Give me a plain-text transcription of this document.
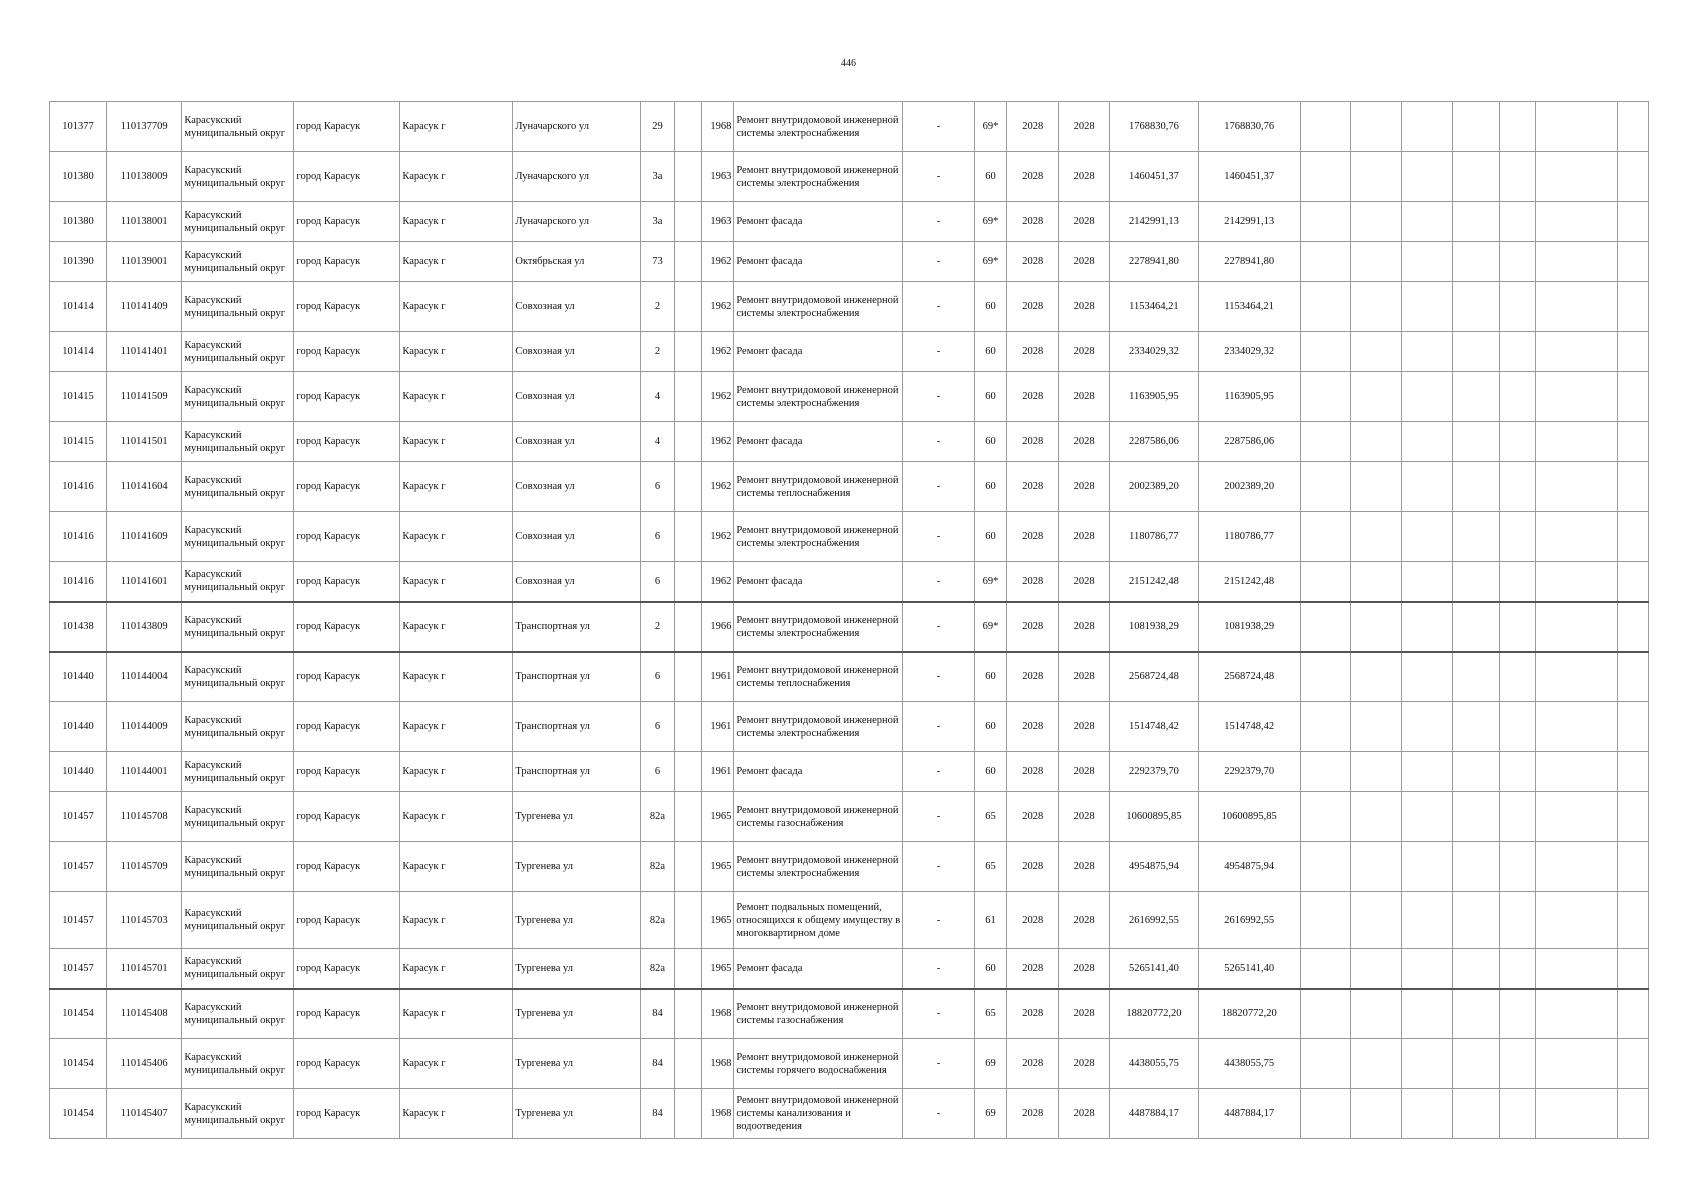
446
101377	110137709	Карасукский муниципальный округ	город Карасук	Карасук г	Луначарского ул	29		1968	Ремонт внутридомовой инженерной системы электроснабжения	-	69*	2028	2028	1768830,76	1768830,76							
101380	110138009	Карасукский муниципальный округ	город Карасук	Карасук г	Луначарского ул	3а		1963	Ремонт внутридомовой инженерной системы электроснабжения	-	60	2028	2028	1460451,37	1460451,37							
101380	110138001	Карасукский муниципальный округ	город Карасук	Карасук г	Луначарского ул	3а		1963	Ремонт фасада	-	69*	2028	2028	2142991,13	2142991,13							
101390	110139001	Карасукский муниципальный округ	город Карасук	Карасук г	Октябрьская ул	73		1962	Ремонт фасада	-	69*	2028	2028	2278941,80	2278941,80							
101414	110141409	Карасукский муниципальный округ	город Карасук	Карасук г	Совхозная ул	2		1962	Ремонт внутридомовой инженерной системы электроснабжения	-	60	2028	2028	1153464,21	1153464,21							
101414	110141401	Карасукский муниципальный округ	город Карасук	Карасук г	Совхозная ул	2		1962	Ремонт фасада	-	60	2028	2028	2334029,32	2334029,32							
101415	110141509	Карасукский муниципальный округ	город Карасук	Карасук г	Совхозная ул	4		1962	Ремонт внутридомовой инженерной системы электроснабжения	-	60	2028	2028	1163905,95	1163905,95							
101415	110141501	Карасукский муниципальный округ	город Карасук	Карасук г	Совхозная ул	4		1962	Ремонт фасада	-	60	2028	2028	2287586,06	2287586,06							
101416	110141604	Карасукский муниципальный округ	город Карасук	Карасук г	Совхозная ул	6		1962	Ремонт внутридомовой инженерной системы теплоснабжения	-	60	2028	2028	2002389,20	2002389,20							
101416	110141609	Карасукский муниципальный округ	город Карасук	Карасук г	Совхозная ул	6		1962	Ремонт внутридомовой инженерной системы электроснабжения	-	60	2028	2028	1180786,77	1180786,77							
101416	110141601	Карасукский муниципальный округ	город Карасук	Карасук г	Совхозная ул	6		1962	Ремонт фасада	-	69*	2028	2028	2151242,48	2151242,48							
101438	110143809	Карасукский муниципальный округ	город Карасук	Карасук г	Транспортная ул	2		1966	Ремонт внутридомовой инженерной системы электроснабжения	-	69*	2028	2028	1081938,29	1081938,29							
101440	110144004	Карасукский муниципальный округ	город Карасук	Карасук г	Транспортная ул	6		1961	Ремонт внутридомовой инженерной системы теплоснабжения	-	60	2028	2028	2568724,48	2568724,48							
101440	110144009	Карасукский муниципальный округ	город Карасук	Карасук г	Транспортная ул	6		1961	Ремонт внутридомовой инженерной системы электроснабжения	-	60	2028	2028	1514748,42	1514748,42							
101440	110144001	Карасукский муниципальный округ	город Карасук	Карасук г	Транспортная ул	6		1961	Ремонт фасада	-	60	2028	2028	2292379,70	2292379,70							
101457	110145708	Карасукский муниципальный округ	город Карасук	Карасук г	Тургенева ул	82а		1965	Ремонт внутридомовой инженерной системы газоснабжения	-	65	2028	2028	10600895,85	10600895,85							
101457	110145709	Карасукский муниципальный округ	город Карасук	Карасук г	Тургенева ул	82а		1965	Ремонт внутридомовой инженерной системы электроснабжения	-	65	2028	2028	4954875,94	4954875,94							
101457	110145703	Карасукский муниципальный округ	город Карасук	Карасук г	Тургенева ул	82а		1965	Ремонт подвальных помещений, относящихся к общему имуществу в многоквартирном доме	-	61	2028	2028	2616992,55	2616992,55							
101457	110145701	Карасукский муниципальный округ	город Карасук	Карасук г	Тургенева ул	82а		1965	Ремонт фасада	-	60	2028	2028	5265141,40	5265141,40							
101454	110145408	Карасукский муниципальный округ	город Карасук	Карасук г	Тургенева ул	84		1968	Ремонт внутридомовой инженерной системы газоснабжения	-	65	2028	2028	18820772,20	18820772,20							
101454	110145406	Карасукский муниципальный округ	город Карасук	Карасук г	Тургенева ул	84		1968	Ремонт внутридомовой инженерной системы горячего водоснабжения	-	69	2028	2028	4438055,75	4438055,75							
101454	110145407	Карасукский муниципальный округ	город Карасук	Карасук г	Тургенева ул	84		1968	Ремонт внутридомовой инженерной системы канализования и водоотведения	-	69	2028	2028	4487884,17	4487884,17							
